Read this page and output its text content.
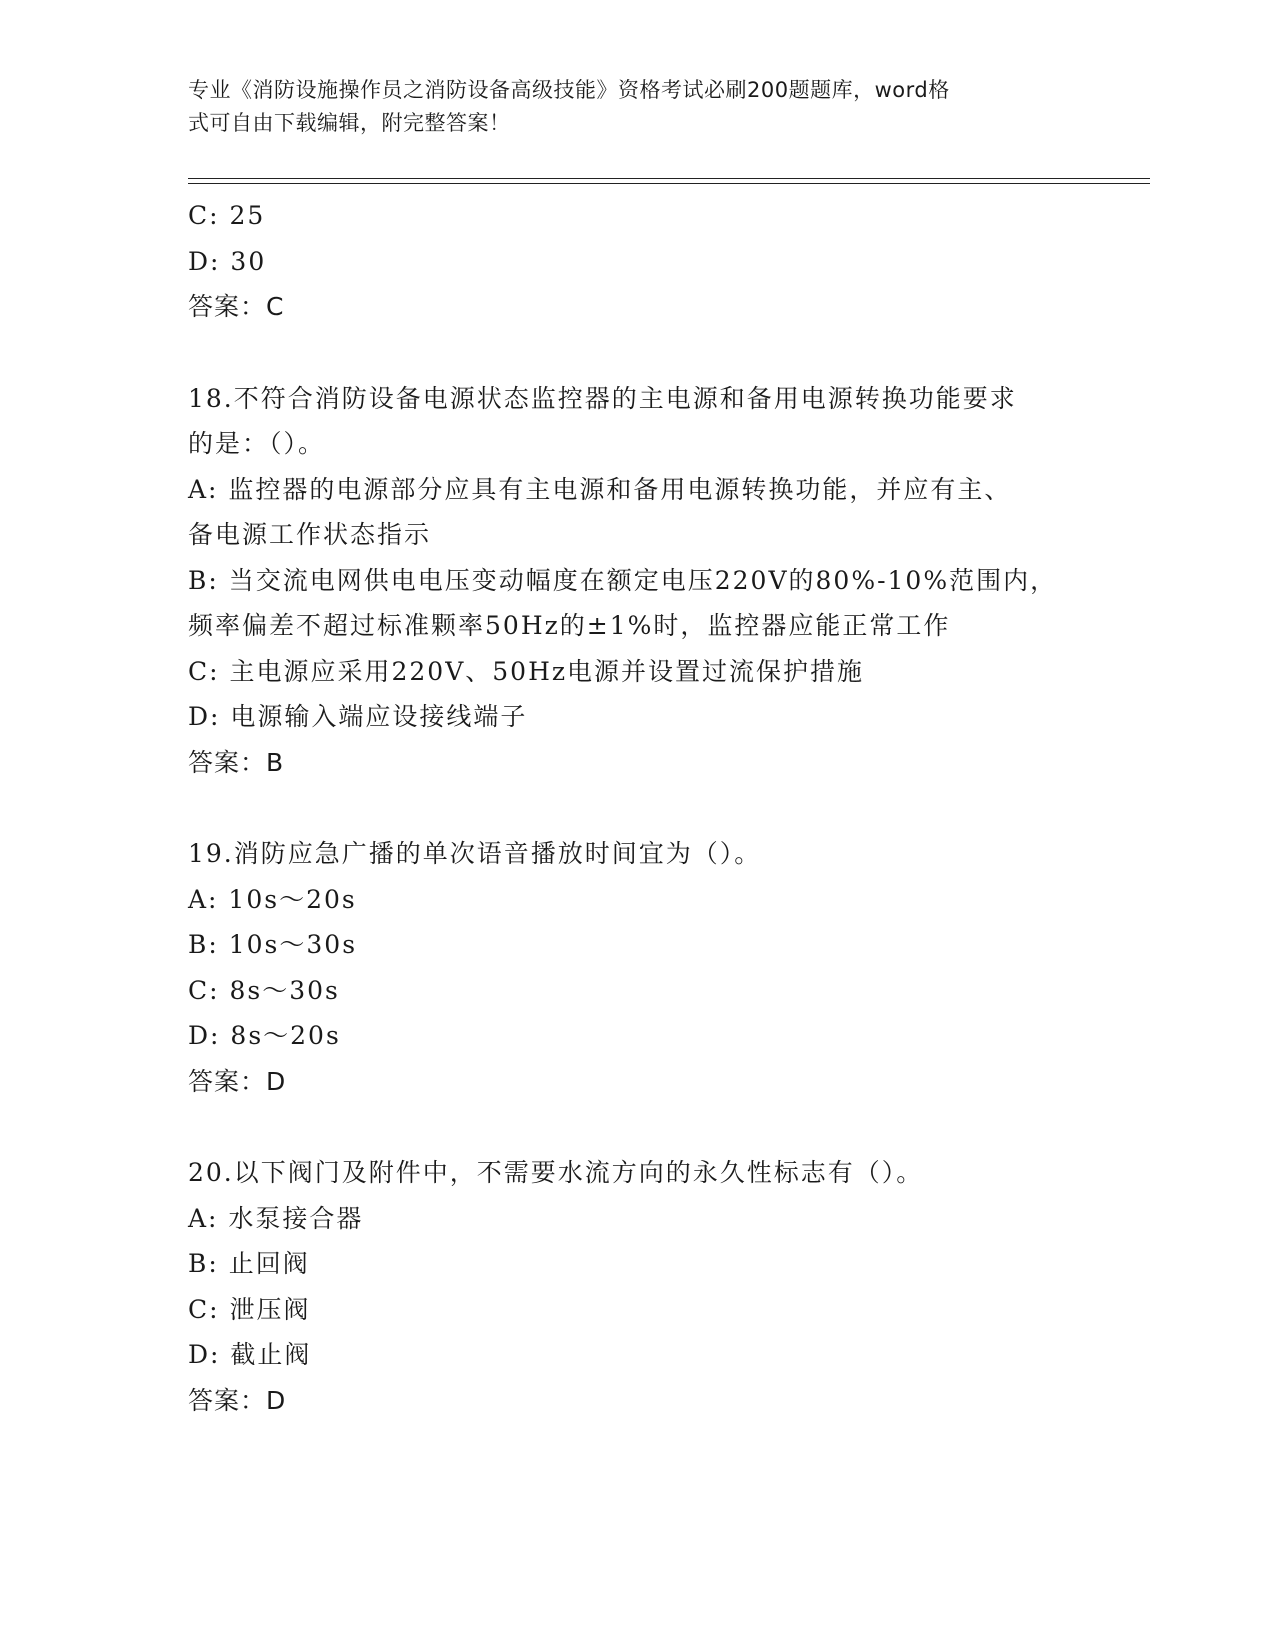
专业《消防设施操作员之消防设备高级技能》资格考试必刷200题题库，word格
式可自由下载编辑，附完整答案！
C: 25
D: 30
答案：C
18.不符合消防设备电源状态监控器的主电源和备用电源转换功能要求
的是：（）。
A: 监控器的电源部分应具有主电源和备用电源转换功能，并应有主、
备电源工作状态指示
B: 当交流电网供电电压变动幅度在额定电压220V的80%-10%范围内，
频率偏差不超过标准颗率50Hz的±1%时，监控器应能正常工作
C: 主电源应采用220V、50Hz电源并设置过流保护措施
D: 电源输入端应设接线端子
答案：B
19.消防应急广播的单次语音播放时间宜为（）。
A: 10s～20s
B: 10s～30s
C: 8s～30s
D: 8s～20s
答案：D
20.以下阀门及附件中，不需要水流方向的永久性标志有（）。
A: 水泵接合器
B: 止回阀
C: 泄压阀
D: 截止阀
答案：D
